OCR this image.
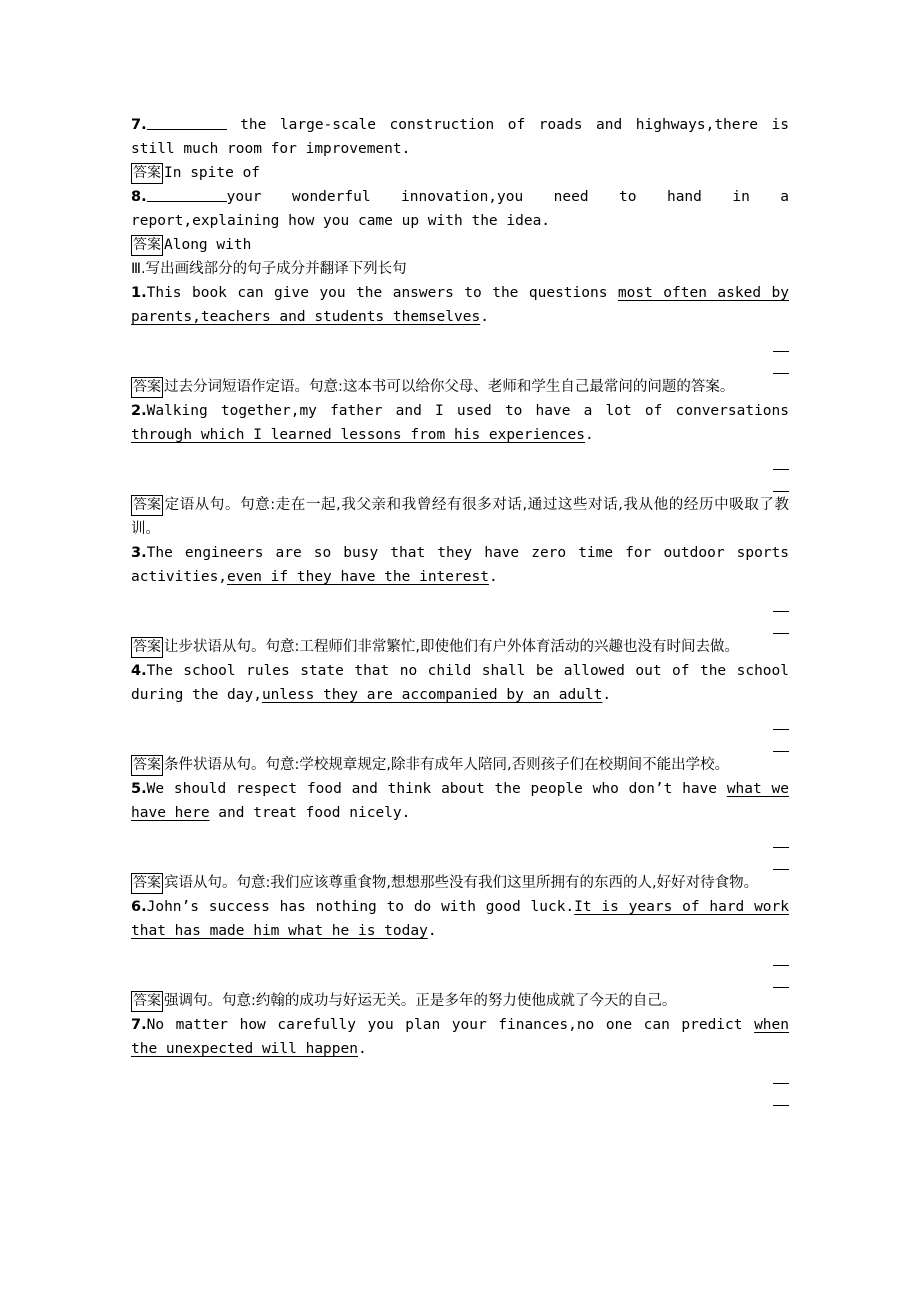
7.	the large-scale construction of roads and highways,there is still much room for improvement.

答案 In spite of

8.	your wonderful innovation,you need to hand in a report,explaining how you came up with the idea.

答案 Along with

Ⅲ.写出画线部分的句子成分并翻译下列长句

1.This book can give you the answers to the questions most often asked by parents,teachers and students themselves.

答案 过去分词短语作定语。句意:这本书可以给你父母、老师和学生自己最常问的问题的答案。

2.Walking together,my father and I used to have a lot of conversations through which I learned lessons from his experiences.

答案 定语从句。句意:走在一起,我父亲和我曾经有很多对话,通过这些对话,我从他的经历中吸取了教训。

3.The engineers are so busy that they have zero time for outdoor sports activities,even if they have the interest.

答案 让步状语从句。句意:工程师们非常繁忙,即使他们有户外体育活动的兴趣也没有时间去做。

4.The school rules state that no child shall be allowed out of the school during the day,unless they are accompanied by an adult.

答案 条件状语从句。句意:学校规章规定,除非有成年人陪同,否则孩子们在校期间不能出学校。

5.We should respect food and think about the people who don’t have what we have here and treat food nicely.

答案 宾语从句。句意:我们应该尊重食物,想想那些没有我们这里所拥有的东西的人,好好对待食物。

6.John’s success has nothing to do with good luck.It is years of hard work that has made him what he is today.

答案 强调句。句意:约翰的成功与好运无关。正是多年的努力使他成就了今天的自己。

7.No matter how carefully you plan your finances,no one can predict when the unexpected will happen.
